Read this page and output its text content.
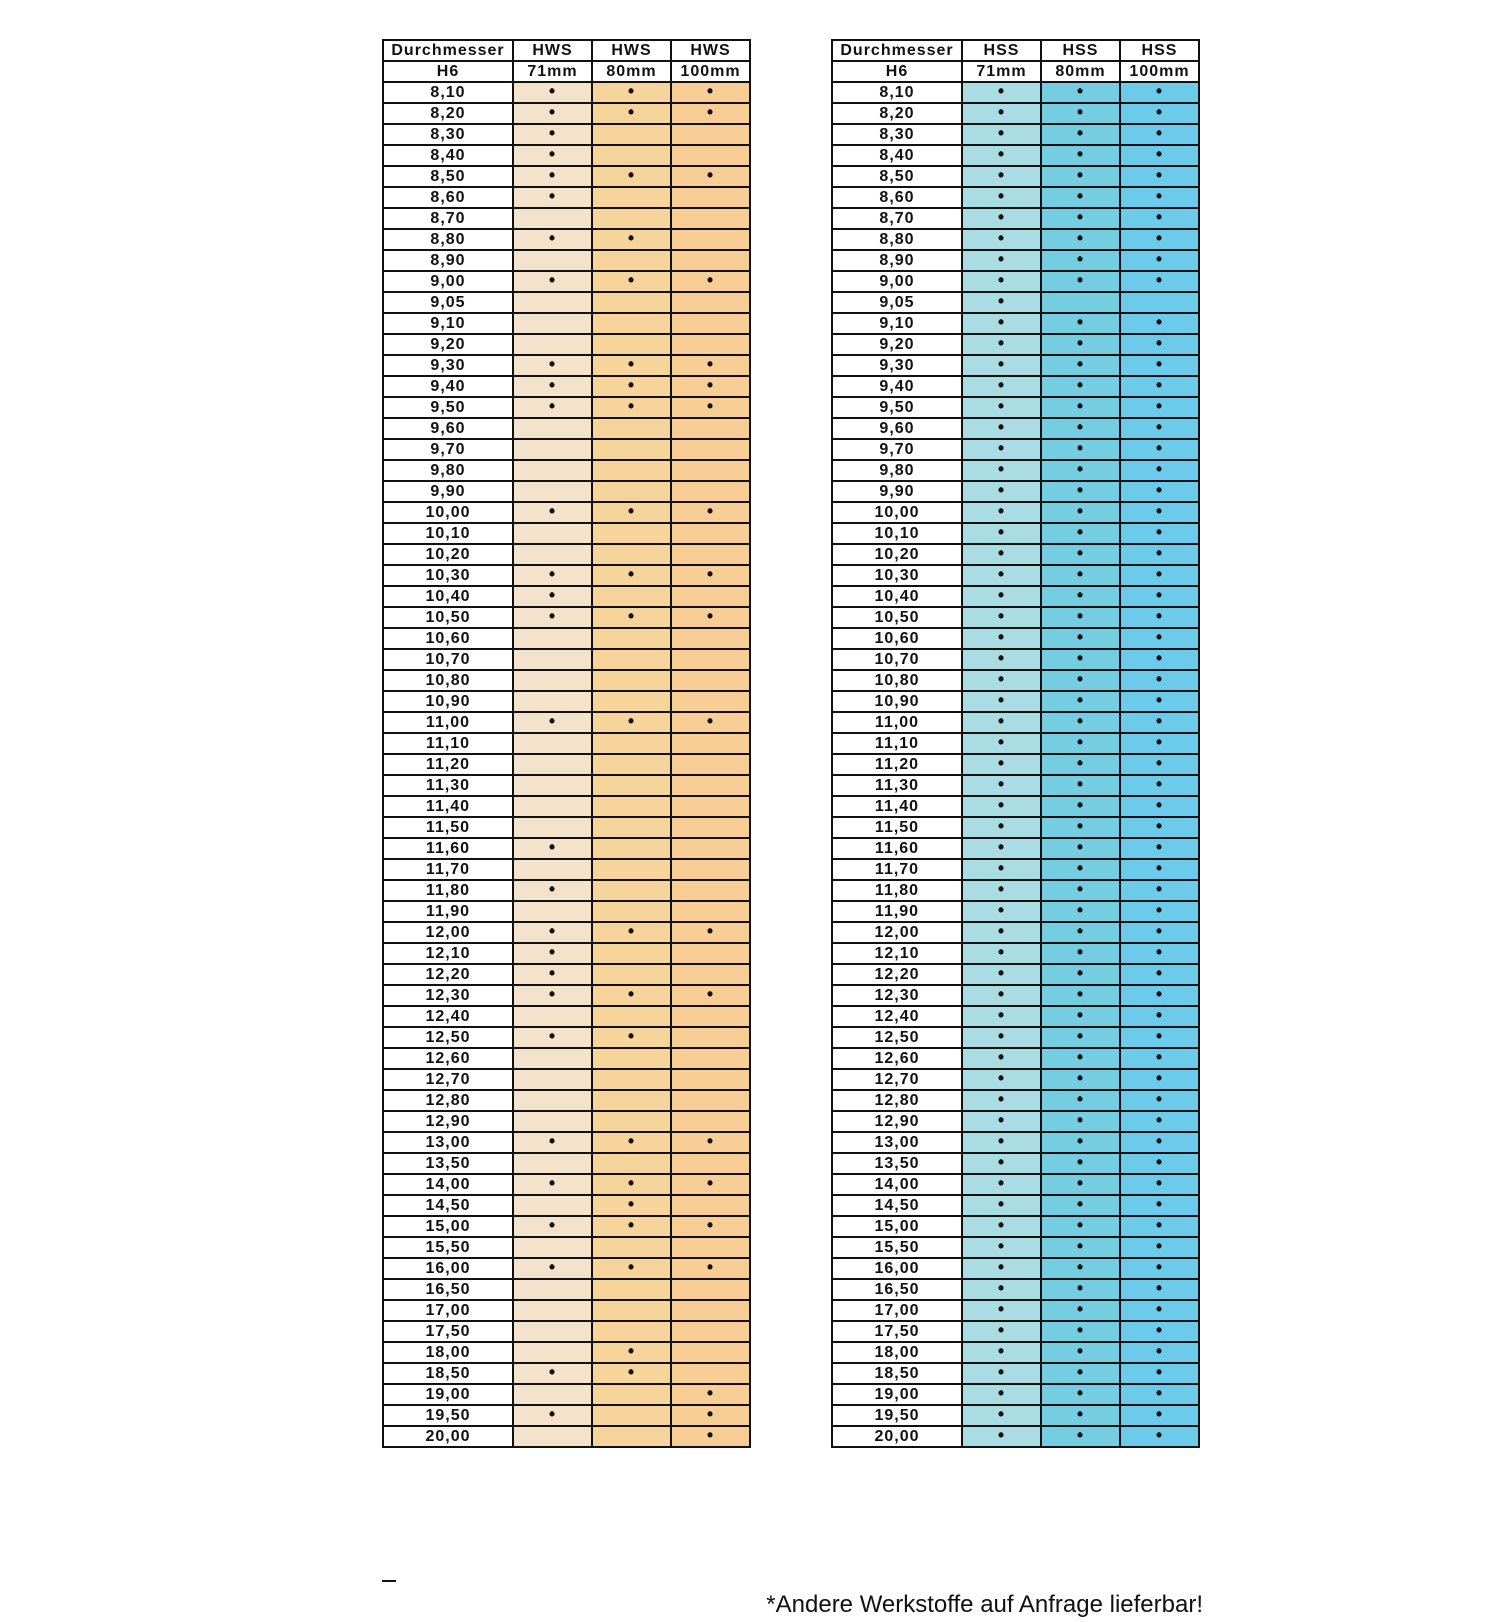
Durchmesser	HWS	HWS	HWS
H6	71mm	80mm	100mm
8,10	•	•	•
8,20	•	•	•
8,30	•		
8,40	•		
8,50	•	•	•
8,60	•		
8,70			
8,80	•	•	
8,90			
9,00	•	•	•
9,05			
9,10			
9,20			
9,30	•	•	•
9,40	•	•	•
9,50	•	•	•
9,60			
9,70			
9,80			
9,90			
10,00	•	•	•
10,10			
10,20			
10,30	•	•	•
10,40	•		
10,50	•	•	•
10,60			
10,70			
10,80			
10,90			
11,00	•	•	•
11,10			
11,20			
11,30			
11,40			
11,50			
11,60	•		
11,70			
11,80	•		
11,90			
12,00	•	•	•
12,10	•		
12,20	•		
12,30	•	•	•
12,40			
12,50	•	•	
12,60			
12,70			
12,80			
12,90			
13,00	•	•	•
13,50			
14,00	•	•	•
14,50		•	
15,00	•	•	•
15,50			
16,00	•	•	•
16,50			
17,00			
17,50			
18,00		•	
18,50	•	•	
19,00			•
19,50	•		•
20,00			•
Durchmesser	HSS	HSS	HSS
H6	71mm	80mm	100mm
8,10	•	•	•
8,20	•	•	•
8,30	•	•	•
8,40	•	•	•
8,50	•	•	•
8,60	•	•	•
8,70	•	•	•
8,80	•	•	•
8,90	•	•	•
9,00	•	•	•
9,05	•		
9,10	•	•	•
9,20	•	•	•
9,30	•	•	•
9,40	•	•	•
9,50	•	•	•
9,60	•	•	•
9,70	•	•	•
9,80	•	•	•
9,90	•	•	•
10,00	•	•	•
10,10	•	•	•
10,20	•	•	•
10,30	•	•	•
10,40	•	•	•
10,50	•	•	•
10,60	•	•	•
10,70	•	•	•
10,80	•	•	•
10,90	•	•	•
11,00	•	•	•
11,10	•	•	•
11,20	•	•	•
11,30	•	•	•
11,40	•	•	•
11,50	•	•	•
11,60	•	•	•
11,70	•	•	•
11,80	•	•	•
11,90	•	•	•
12,00	•	•	•
12,10	•	•	•
12,20	•	•	•
12,30	•	•	•
12,40	•	•	•
12,50	•	•	•
12,60	•	•	•
12,70	•	•	•
12,80	•	•	•
12,90	•	•	•
13,00	•	•	•
13,50	•	•	•
14,00	•	•	•
14,50	•	•	•
15,00	•	•	•
15,50	•	•	•
16,00	•	•	•
16,50	•	•	•
17,00	•	•	•
17,50	•	•	•
18,00	•	•	•
18,50	•	•	•
19,00	•	•	•
19,50	•	•	•
20,00	•	•	•
*Andere Werkstoffe auf Anfrage lieferbar!
